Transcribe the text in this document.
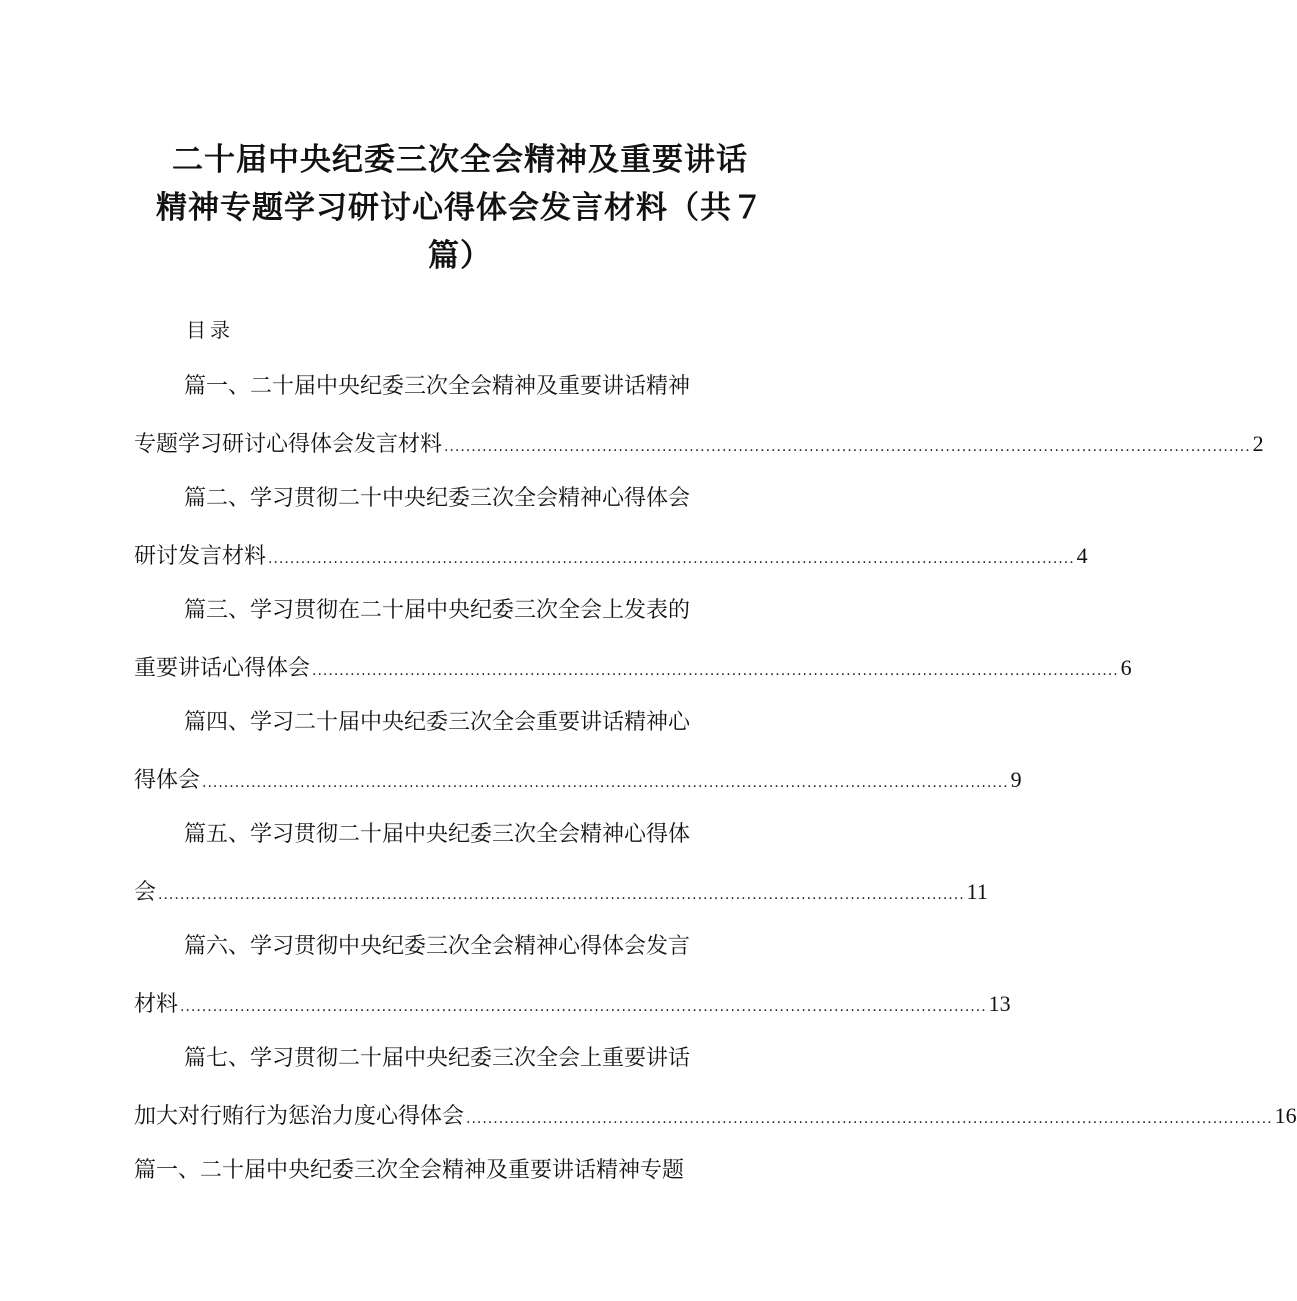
二十届中央纪委三次全会精神及重要讲话
精神专题学习研讨心得体会发言材料（共７
篇）
目录
篇一、二十届中央纪委三次全会精神及重要讲话精神
专题学习研讨心得体会发言材料 .................................................................................................................................................... 2
篇二、学习贯彻二十中央纪委三次全会精神心得体会
研讨发言材料 .................................................................................................................................................... 4
篇三、学习贯彻在二十届中央纪委三次全会上发表的
重要讲话心得体会 .................................................................................................................................................... 6
篇四、学习二十届中央纪委三次全会重要讲话精神心
得体会 .................................................................................................................................................... 9
篇五、学习贯彻二十届中央纪委三次全会精神心得体
会 .................................................................................................................................................... 11
篇六、学习贯彻中央纪委三次全会精神心得体会发言
材料 .................................................................................................................................................... 13
篇七、学习贯彻二十届中央纪委三次全会上重要讲话
加大对行贿行为惩治力度心得体会 .................................................................................................................................................... 16
篇一、二十届中央纪委三次全会精神及重要讲话精神专题
